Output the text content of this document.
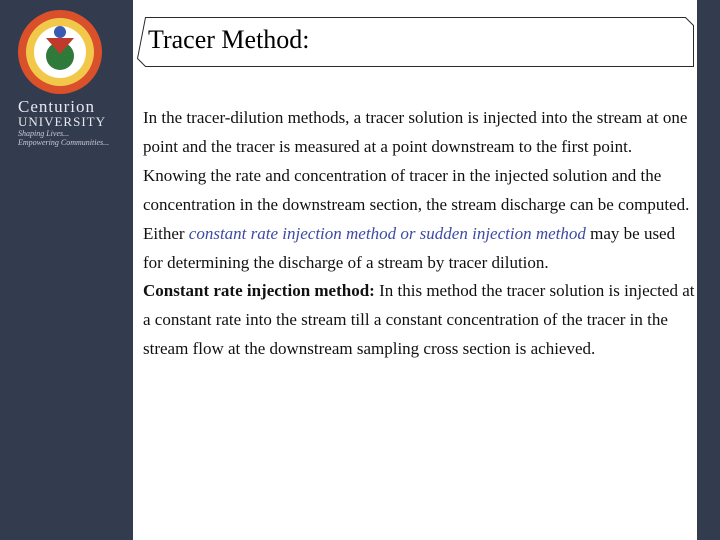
Centurion
UNIVERSITY
Shaping Lives...
Empowering Communities...
Tracer Method:

In the tracer-dilution methods, a tracer solution is injected into the stream at one point and the tracer is measured at a point downstream to the first point.

Knowing the rate and concentration of tracer in the injected solution and the concentration in the downstream section, the stream discharge can be computed.

Either constant rate injection method or sudden injection method may be used for determining the discharge of a stream by tracer dilution.

Constant rate injection method: In this method the tracer solution is injected at a constant rate into the stream till a constant concentration of the tracer in the stream flow at the downstream sampling cross section is achieved.
